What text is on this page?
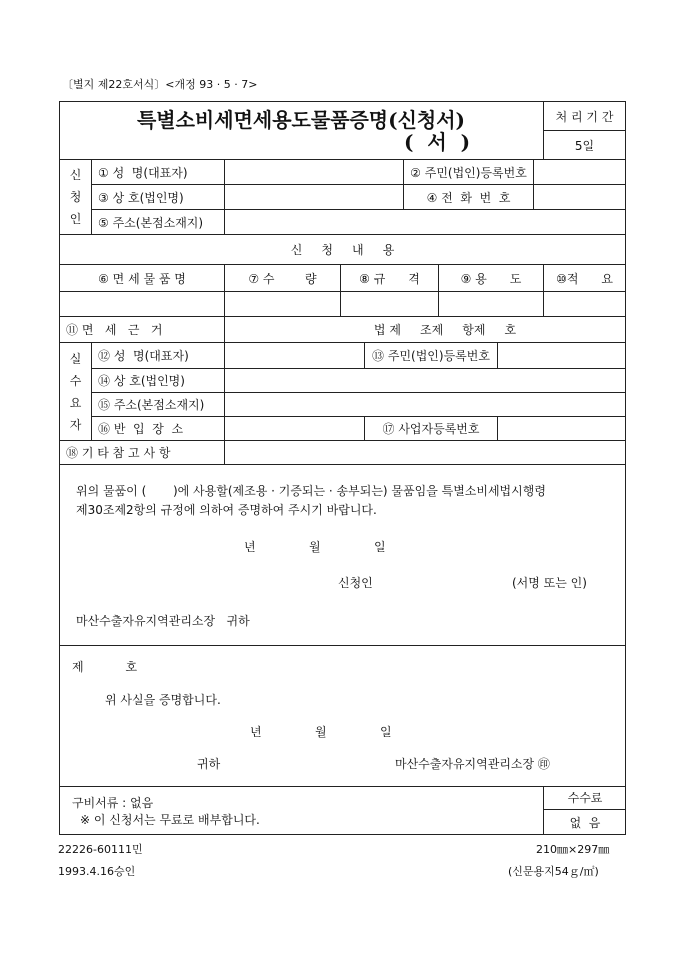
〔별지 제22호서식〕<개정 93 · 5 · 7>
특별소비세면세용도물품증명(신청서)
(  서  )
처 리 기 간
5일
신
청
인
① 성  명(대표자)	② 주민(법인)등록번호
③ 상 호(법인명)	④ 전  화  번  호
⑤ 주소(본점소재지)
신     청     내     용
⑥ 면 세 물 품 명	⑦ 수        량	⑧ 규      격	⑨ 용      도	⑩적      요
⑪ 면   세   근   거	법 제     조제     항제     호
실
수
요
자
⑫ 성  명(대표자)	⑬ 주민(법인)등록번호
⑭ 상 호(법인명)
⑮ 주소(본점소재지)
⑯ 반  입  장  소	⑰ 사업자등록번호
⑱ 기 타 참 고 사 항
위의 물품이 (       )에 사용할(제조용 · 기증되는 · 송부되는) 물품임을 특별소비세법시행령
제30조제2항의 규정에 의하여 증명하여 주시기 바랍니다.
년              월              일
신청인	(서명 또는 인)
마산수출자유지역관리소장   귀하
제           호
위 사실을 증명합니다.
년              월              일
귀하	마산수출자유지역관리소장 ㊞
구비서류 : 없음
※ 이 신청서는 무료로 배부합니다.
수수료
없  음
22226-60111민
1993.4.16승인
210㎜×297㎜
(신문용지54ｇ/㎡)
